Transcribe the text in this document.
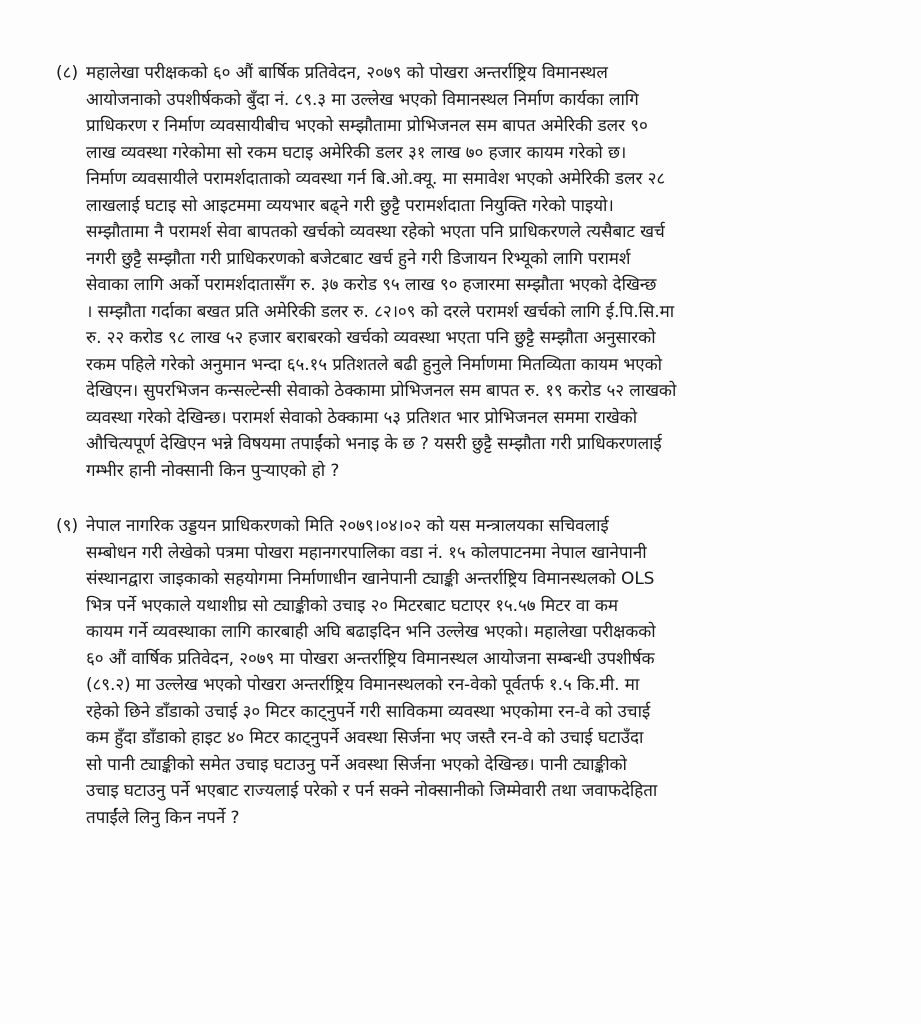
(८) महालेखा परीक्षकको ६० औं बार्षिक प्रतिवेदन, २०७९ को पोखरा अन्तर्राष्ट्रिय विमानस्थल
आयोजनाको उपशीर्षकको बुँदा नं. ८९.३ मा उल्लेख भएको विमानस्थल निर्माण कार्यका लागि
प्राधिकरण र निर्माण व्यवसायीबीच भएको सम्झौतामा प्रोभिजनल सम बापत अमेरिकी डलर ९०
लाख व्यवस्था गरेकोमा सो रकम घटाइ अमेरिकी डलर ३१ लाख ७० हजार कायम गरेको छ।
निर्माण व्यवसायीले परामर्शदाताको व्यवस्था गर्न बि.ओ.क्यू. मा समावेश भएको अमेरिकी डलर २८
लाखलाई घटाइ सो आइटममा व्ययभार बढ्ने गरी छुट्टै परामर्शदाता नियुक्ति गरेको पाइयो।
सम्झौतामा नै परामर्श सेवा बापतको खर्चको व्यवस्था रहेको भएता पनि प्राधिकरणले त्यसैबाट खर्च
नगरी छुट्टै सम्झौता गरी प्राधिकरणको बजेटबाट खर्च हुने गरी डिजायन रिभ्यूको लागि परामर्श
सेवाका लागि अर्को परामर्शदातासँग रु. ३७ करोड ९५ लाख ९० हजारमा सम्झौता भएको देखिन्छ
। सम्झौता गर्दाका बखत प्रति अमेरिकी डलर रु. ८२।०९ को दरले परामर्श खर्चको लागि ई.पि.सि.मा
रु. २२ करोड ९८ लाख ५२ हजार बराबरको खर्चको व्यवस्था भएता पनि छुट्टै सम्झौता अनुसारको
रकम पहिले गरेको अनुमान भन्दा ६५.१५ प्रतिशतले बढी हुनुले निर्माणमा मितव्यिता कायम भएको
देखिएन। सुपरभिजन कन्सल्टेन्सी सेवाको ठेक्कामा प्रोभिजनल सम बापत रु. १९ करोड ५२ लाखको
व्यवस्था गरेको देखिन्छ। परामर्श सेवाको ठेक्कामा ५३ प्रतिशत भार प्रोभिजनल सममा राखेको
औचित्यपूर्ण देखिएन भन्ने विषयमा तपाईंको भनाइ के छ ? यसरी छुट्टै सम्झौता गरी प्राधिकरणलाई
गम्भीर हानी नोक्सानी किन पुऱ्याएको हो ?
(९) नेपाल नागरिक उड्डयन प्राधिकरणको मिति २०७९।०४।०२ को यस मन्त्रालयका सचिवलाई
सम्बोधन गरी लेखेको पत्रमा पोखरा महानगरपालिका वडा नं. १५ कोलपाटनमा नेपाल खानेपानी
संस्थानद्वारा जाइकाको सहयोगमा निर्माणाधीन खानेपानी ट्याङ्की अन्तर्राष्ट्रिय विमानस्थलको OLS
भित्र पर्ने भएकाले यथाशीघ्र सो ट्याङ्कीको उचाइ २० मिटरबाट घटाएर १५.५७ मिटर वा कम
कायम गर्ने व्यवस्थाका लागि कारबाही अघि बढाइदिन भनि उल्लेख भएको। महालेखा परीक्षकको
६० औं वार्षिक प्रतिवेदन, २०७९ मा पोखरा अन्तर्राष्ट्रिय विमानस्थल आयोजना सम्बन्धी उपशीर्षक
(८९.२) मा उल्लेख भएको पोखरा अन्तर्राष्ट्रिय विमानस्थलको रन-वेको पूर्वतर्फ १.५ कि.मी. मा
रहेको छिने डाँडाको उचाई ३० मिटर काट्नुपर्ने गरी साविकमा व्यवस्था भएकोमा रन-वे को उचाई
कम हुँदा डाँडाको हाइट ४० मिटर काट्नुपर्ने अवस्था सिर्जना भए जस्तै रन-वे को उचाई घटाउँदा
सो पानी ट्याङ्कीको समेत उचाइ घटाउनु पर्ने अवस्था सिर्जना भएको देखिन्छ। पानी ट्याङ्कीको
उचाइ घटाउनु पर्ने भएबाट राज्यलाई परेको र पर्न सक्ने नोक्सानीको जिम्मेवारी तथा जवाफदेहिता
तपाईंले लिनु किन नपर्ने ?
